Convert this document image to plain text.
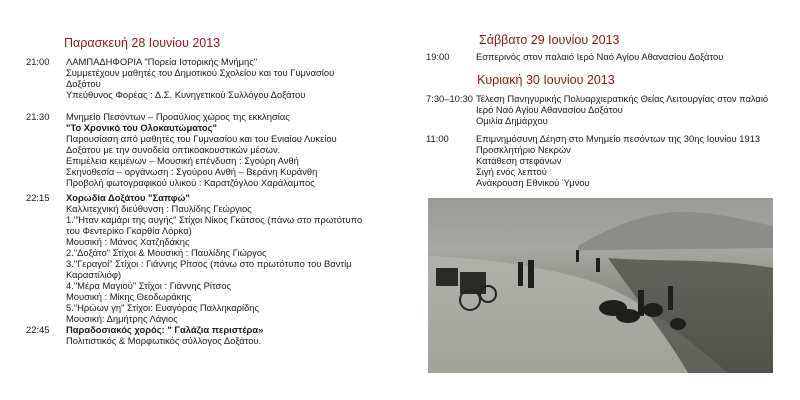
Παρασκευή 28 Ιουνίου 2013
21:00	ΛΑΜΠΑΔΗΦΟΡΙΑ "Πορεία Ιστορικής Μνήμης"
Συμμετέχουν μαθητές του Δημοτικού Σχολείου και του Γυμνασίου
Δοξάτου
Υπεύθυνος Φορέας : Δ.Σ. Κυνηγετικού Συλλόγου Δοξάτου
21:30	Μνημείο Πεσόντων – Προαύλιος χώρος της εκκλησίας
"Το Χρονικό του Ολοκαυτώματος"
Παρουσίαση από μαθητές του Γυμνασίου και του Ενιαίου Λυκείου
Δοξάτου με την συνοδεία οπτικοακουστικών μέσων.
Επιμέλεια κειμένων – Μουσική επένδυση : Σγούρη Ανθή
Σκηνοθεσία – οργάνωση : Σγούρου Ανθή – Βεράνη Κυράνθη
Προβολή φωτογραφικού υλικού : Καρατζόγλου Χαράλαμπος
22:15	Χορωδία Δοξάτου "Σαπφώ"
Καλλιτεχνική διεύθυνση : Παυλίδης Γεώργιος
1."Ήταν καμάρι της αυγής" Στίχοι Νίκος Γκάτσος (πάνω στο πρωτότυπο
του Φεντερίκο Γκαρθία Λόρκα)
Μουσική : Μάνος Χατζηδάκης
2."Δοξάτο" Στίχοι & Μουσική : Παυλίδης Γιώργος
3."Γεραγοί" Στίχοι : Γιάννης Ρίτσος (πάνω στο πρωτότυπο του Βαντίμ
Καραστίλιόφ)
4."Μέρα Μαγιού" Στίχοι : Γιάννης Ρίτσος
Μουσική : Μίκης Θεοδωράκης
5."Ηρώων γη" Στίχοι: Ευαγόρας Παλληκαρίδης
Μουσική: Δημήτρης Λάγιος
22:45	Παραδοσιακός χορός: " Γαλάζια περιστέρα»
Πολιτιστικός & Μορφωτικός σύλλογος Δοξάτου.
Σάββατο 29 Ιουνίου 2013
19:00	Εσπερινός στον παλαιό Ιερό Ναό Αγίου Αθανασίου Δοξάτου
Κυριακή 30 Ιουνίου 2013
7:30–10:30 Τέλεση Πανηγυρικής Πολυαρχιερατικής Θείας Λειτουργίας στον παλαιό
Ιερό Ναό Αγίου Αθανασίου Δοξάτου
Ομιλία Δημάρχου
11:00	Επιμνημόσυνη Δέηση στο Μνημείο πεσόντων της 30ης Ιουνίου 1913
Προσκλητήριο Νεκρών
Κατάθεση στεφάνων
Σιγή ενός λεπτού
Ανάκρουση Εθνικού Ύμνου
